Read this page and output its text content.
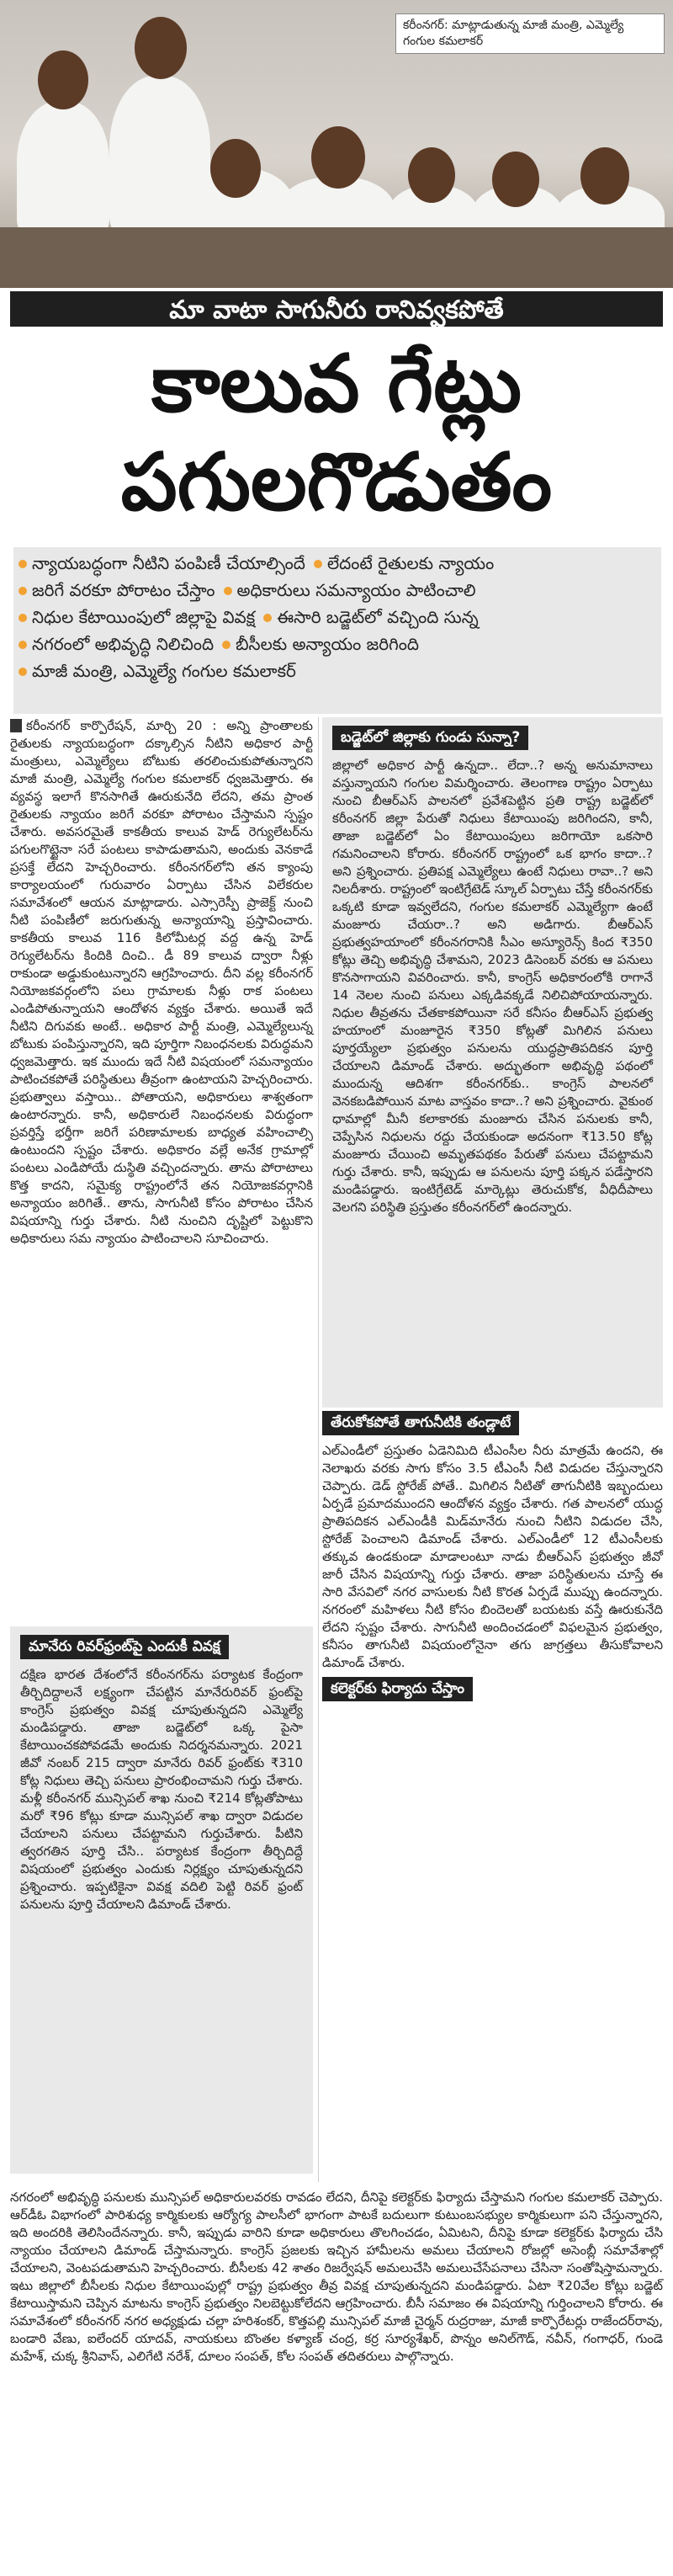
కరీంనగర్‌: మాట్లాడుతున్న మాజీ మంత్రి, ఎమ్మెల్యే గంగుల కమలాకర్‌
మా వాటా సాగునీరు రానివ్వకపోతే
కాలువ గేట్లు
పగులగొడుతం
న్యాయబద్ధంగా నీటిని పంపిణీ చేయాల్సిందే లేదంటే రైతులకు న్యాయం
జరిగే వరకూ పోరాటం చేస్తాం అధికారులు సమన్యాయం పాటించాలి
నిధుల కేటాయింపులో జిల్లాపై వివక్ష ఈసారి బడ్జెట్‌లో వచ్చింది సున్న
నగరంలో అభివృద్ధి నిలిచింది బీసీలకు అన్యాయం జరిగింది
మాజీ మంత్రి, ఎమ్మెల్యే గంగుల కమలాకర్‌
కరీంనగర్‌ కార్పొరేషన్‌, మార్చి 20 : అన్ని ప్రాంతాలకు రైతులకు న్యాయబద్ధంగా దక్కాల్సిన నీటిని అధికార పార్టీ మంత్రులు, ఎమ్మెల్యేలు బోటుకు తరలించుకుపోతున్నారని మాజీ మంత్రి, ఎమ్మెల్యే గంగుల కమలాకర్‌ ధ్వజమెత్తారు. ఈ వ్యవస్థ ఇలాగే కొనసాగితే ఊరుకునేది లేదని, తమ ప్రాంత రైతులకు న్యాయం జరిగే వరకూ పోరాటం చేస్తామని స్పష్టం చేశారు. అవసరమైతే కాకతీయ కాలువ హెడ్‌ రెగ్యులేటర్‌ను పగులగొట్టైనా సరే పంటలు కాపాడుతామని, అందుకు వెనకాడే ప్రసక్తే లేదని హెచ్చరించారు. కరీంనగర్‌లోని తన క్యాంపు కార్యాలయంలో గురువారం ఏర్పాటు చేసిన విలేకరుల సమావేశంలో ఆయన మాట్లాడారు. ఎస్సారెస్పీ ప్రాజెక్ట్‌ నుంచి నీటి పంపిణీలో జరుగుతున్న అన్యాయాన్ని ప్రస్తావించారు. కాకతీయ కాలువ 116 కిలోమీటర్ల వద్ద ఉన్న హెడ్‌ రెగ్యులేటర్‌ను కిందికి దించి.. డీ 89 కాలువ ద్వారా నీళ్లు రాకుండా అడ్డుకుంటున్నారని ఆగ్రహించారు. దీని వల్ల కరీంనగర్‌ నియోజకవర్గంలోని పలు గ్రామాలకు నీళ్లు రాక పంటలు ఎండిపోతున్నాయని ఆందోళన వ్యక్తం చేశారు. అయితే ఇదే నీటిని దిగువకు అంటే.. అధికార పార్టీ మంత్రి, ఎమ్మెల్యేలున్న బోటుకు పంపిస్తున్నారని, ఇది పూర్తిగా నిబంధనలకు విరుద్ధమని ధ్వజమెత్తారు. ఇక ముందు ఇదే నీటి విషయంలో సమన్యాయం పాటించకపోతే పరిస్థితులు తీవ్రంగా ఉంటాయని హెచ్చరించారు. ప్రభుత్వాలు వస్తాయి.. పోతాయని, అధికారులు శాశ్వతంగా ఉంటారన్నారు. కానీ, అధికారులే నిబంధనలకు విరుద్ధంగా ప్రవర్తిస్తే భర్తీగా జరిగే పరిణామాలకు బాధ్యత వహించాల్సి ఉంటుందని స్పష్టం చేశారు. అధికారం వల్లే అనేక గ్రామాల్లో పంటలు ఎండిపోయే దుస్థితి వచ్చిందన్నారు. తాను పోరాటాలు కొత్త కాదని, సమైక్య రాష్ట్రంలోనే తన నియోజకవర్గానికి అన్యాయం జరిగితే.. తాను, సాగునీటి కోసం పోరాటం చేసిన విషయాన్ని గుర్తు చేశారు. నీటి నుంచిని దృష్టిలో పెట్టుకొని అధికారులు సమ న్యాయం పాటించాలని సూచించారు.
బడ్జెట్‌లో జిల్లాకు గుండు సున్నా?
జిల్లాలో అధికార పార్టీ ఉన్నదా.. లేదా..? అన్న అనుమానాలు వస్తున్నాయని గంగుల విమర్శించారు. తెలంగాణ రాష్ట్రం ఏర్పాటు నుంచి బీఆర్‌ఎస్‌ పాలనలో ప్రవేశపెట్టిన ప్రతి రాష్ట్ర బడ్జెట్‌లో కరీంనగర్‌ జిల్లా పేరుతో నిధులు కేటాయింపు జరిగిందని, కానీ, తాజా బడ్జెట్‌లో ఏం కేటాయింపులు జరిగాయో ఒకసారి గమనించాలని కోరారు. కరీంనగర్‌ రాష్ట్రంలో ఒక భాగం కాదా..? అని ప్రశ్నించారు. ప్రతిపక్ష ఎమ్మెల్యేలు ఉంటే నిధులు రావా..? అని నిలదీశారు. రాష్ట్రంలో ఇంటిగ్రేటెడ్‌ స్కూల్‌ ఏర్పాటు చేస్తే కరీంనగర్‌కు ఒక్కటి కూడా ఇవ్వలేదని, గంగుల కమలాకర్‌ ఎమ్మెల్యేగా ఉంటే మంజూరు చేయరా..? అని అడిగారు. బీఆర్‌ఎస్‌ ప్రభుత్వహయాంలో కరీంనగరానికి సీఎం అస్యూరెన్స్‌ కింద ₹350 కోట్లు తెచ్చి అభివృద్ధి చేశామని, 2023 డిసెంబర్‌ వరకు ఆ పనులు కొనసాగాయని వివరించారు. కానీ, కాంగ్రెస్‌ అధికారంలోకి రాగానే 14 నెలల నుంచి పనులు ఎక్కడివక్కడే నిలిచిపోయాయన్నారు. నిధుల తీవ్రతను చేతకాకపోయినా సరే కనీసం బీఆర్‌ఎస్‌ ప్రభుత్వ హయాంలో మంజూరైన ₹350 కోట్లతో మిగిలిన పనులు పూర్తయ్యేలా ప్రభుత్వం పనులను యుద్ధప్రాతిపదికన పూర్తి చేయాలని డిమాండ్‌ చేశారు. అద్భుతంగా అభివృద్ధి పథంలో ముందున్న ఆదిశగా కరీంనగర్‌కు.. కాంగ్రెస్‌ పాలనలో వెనకబడిపోయిన మాట వాస్తవం కాదా..? అని ప్రశ్నించారు. వైకుంఠ ధామాల్లో మీనీ కలాకారకు మంజూరు చేసిన పనులకు కానీ, చెప్పేసిన నిధులను రద్దు చేయకుండా అదనంగా ₹13.50 కోట్ల మంజూరు చేయించి అమృతపథకం పేరుతో పనులు చేపట్టామని గుర్తు చేశారు. కానీ, ఇప్పుడు ఆ పనులను పూర్తి పక్కన పడేస్తారని మండిపడ్డారు. ఇంటిగ్రేటెడ్‌ మార్కెట్లు తెరుచుకోక, వీధిదీపాలు వెలగని పరిస్థితి ప్రస్తుతం కరీంనగర్‌లో ఉందన్నారు.
తేరుకోకపోతే తాగునీటికి తండ్లాటే
ఎల్‌ఎండీలో ప్రస్తుతం ఏడెనిమిది టీఎంసీల నీరు మాత్రమే ఉందని, ఈ నెలాఖరు వరకు సాగు కోసం 3.5 టీఎంసీ నీటి విడుదల చేస్తున్నారని చెప్పారు. డెడ్‌ స్టోరేజ్‌ పోతే.. మిగిలిన నీటితో తాగునీటికి ఇబ్బందులు ఏర్పడే ప్రమాదముందని ఆందోళన వ్యక్తం చేశారు. గత పాలనలో యుద్ధ ప్రాతిపదికన ఎల్‌ఎండీకి మిడ్‌మానేరు నుంచి నీటిని విడుదల చేసి, స్టోరేజ్‌ పెంచాలని డిమాండ్‌ చేశారు. ఎల్‌ఎండీలో 12 టీఎంసీలకు తక్కువ ఉండకుండా మాడాలంటూ నాడు బీఆర్‌ఎస్‌ ప్రభుత్వం జీవో జారీ చేసిన విషయాన్ని గుర్తు చేశారు. తాజా పరిస్థితులను చూస్తే ఈ సారి వేసవిలో నగర వాసులకు నీటి కొరత ఏర్పడే ముప్పు ఉందన్నారు. నగరంలో మహిళలు నీటి కోసం బిందెలతో బయటకు వస్తే ఊరుకునేది లేదని స్పష్టం చేశారు. సాగునీటి అందించడంలో విఫలమైన ప్రభుత్వం, కనీసం తాగునీటి విషయంలోనైనా తగు జాగ్రత్తలు తీసుకోవాలని డిమాండ్‌ చేశారు.
కలెక్టర్‌కు ఫిర్యాదు చేస్తాం
మానేరు రివర్‌ఫ్రంట్‌పై ఎందుకీ వివక్ష
దక్షిణ భారత దేశంలోనే కరీంనగర్‌ను పర్యాటక కేంద్రంగా తీర్చిదిద్దాలనే లక్ష్యంగా చేపట్టిన మానేరురివర్‌ ఫ్రంట్‌పై కాంగ్రెస్‌ ప్రభుత్వం వివక్ష చూపుతున్నదని ఎమ్మెల్యే మండిపడ్డారు. తాజా బడ్జెట్‌లో ఒక్క పైసా కేటాయించకపోవడమే అందుకు నిదర్శనమన్నారు. 2021 జీవో నంబర్‌ 215 ద్వారా మానేరు రివర్‌ ఫ్రంట్‌కు ₹310 కోట్ల నిధులు తెచ్చి పనులు ప్రారంభించామని గుర్తు చేశారు. మళ్లీ కరీంనగర్‌ మున్సిపల్‌ శాఖ నుంచి ₹214 కోట్లతోపాటు మరో ₹96 కోట్లు కూడా మున్సిపల్‌ శాఖ ద్వారా విడుదల చేయాలని పనులు చేపట్టామని గుర్తుచేశారు. పీటిని త్వరగతిన పూర్తి చేసి.. పర్యాటక కేంద్రంగా తీర్చిదిద్దే విషయంలో ప్రభుత్వం ఎందుకు నిర్లక్ష్యం చూపుతున్నదని ప్రశ్నించారు. ఇప్పటికైనా వివక్ష వదిలి పెట్టి రివర్‌ ఫ్రంట్‌ పనులను పూర్తి చేయాలని డిమాండ్‌ చేశారు.
నగరంలో అభివృద్ధి పనులకు మున్సిపల్‌ అధికారులవరకు రావడం లేదని, దీనిపై కలెక్టర్‌కు ఫిర్యాదు చేస్తామని గంగుల కమలాకర్‌ చెప్పారు. ఆర్‌డీఓ విభాగంలో పారిశుధ్య కార్మికులకు ఆర్యోగ్య పాలసీలో భాగంగా పాటకే బదులుగా కుటుంబసభ్యుల కార్మికులుగా పని చేస్తున్నారని, ఇది అందరికి తెలిసిందేనన్నారు. కానీ, ఇప్పుడు వారిని కూడా అధికారులు తొలగించడం, ఏమిటని, దీనిపై కూడా కలెక్టర్‌కు ఫిర్యాదు చేసి న్యాయం చేయాలని డిమాండ్‌ చేస్తామన్నారు. కాంగ్రెస్‌ ప్రజలకు ఇచ్చిన హామీలను అమలు చేయాలని రోజల్లో అసెంబ్లీ సమావేశాల్లో చేయాలని, వెంటపడుతామని హెచ్చరించారు. బీసీలకు 42 శాతం రిజర్వేషన్‌ అమలుచేసి అమలుచేసేపనాలు చేసినా సంతోషిస్తామన్నారు. ఇటు జిల్లాలో బీసీలకు నిధుల కేటాయింపుల్లో రాష్ట్ర ప్రభుత్వం తీవ్ర వివక్ష చూపుతున్నదని మండిపడ్డారు. ఏటా ₹20వేల కోట్లు బడ్జెట్‌ కేటాయిస్తామని చెప్పిన మాటను కాంగ్రెస్‌ ప్రభుత్వం నిలబెట్టుకోలేదని ఆగ్రహించారు. బీసీ సమాజం ఈ విషయాన్ని గుర్తించాలని కోరారు. ఈ సమావేశంలో కరీంనగర్‌ నగర అధ్యక్షుడు చల్లా హరిశంకర్‌, కొత్తపల్లి మున్సిపల్‌ మాజీ చైర్మన్‌ రుద్రరాజు, మాజీ కార్పొరేటర్లు రాజేందర్‌రావు, బండారి వేణు, ఐలేందర్‌ యాదవ్‌, నాయకులు బొంతల కళ్యాణ్‌ చంద్ర, కర్ర సూర్యశేఖర్‌, పొన్నం అనిల్‌గౌడ్‌, నవీన్‌, గంగాధర్‌, గుండె మహేశ్‌, చుక్క శ్రీనివాస్‌, ఎలిగేటి నరేశ్‌, దూలం సంపత్‌, కోల సంపత్‌ తదితరులు పాల్గొన్నారు.
